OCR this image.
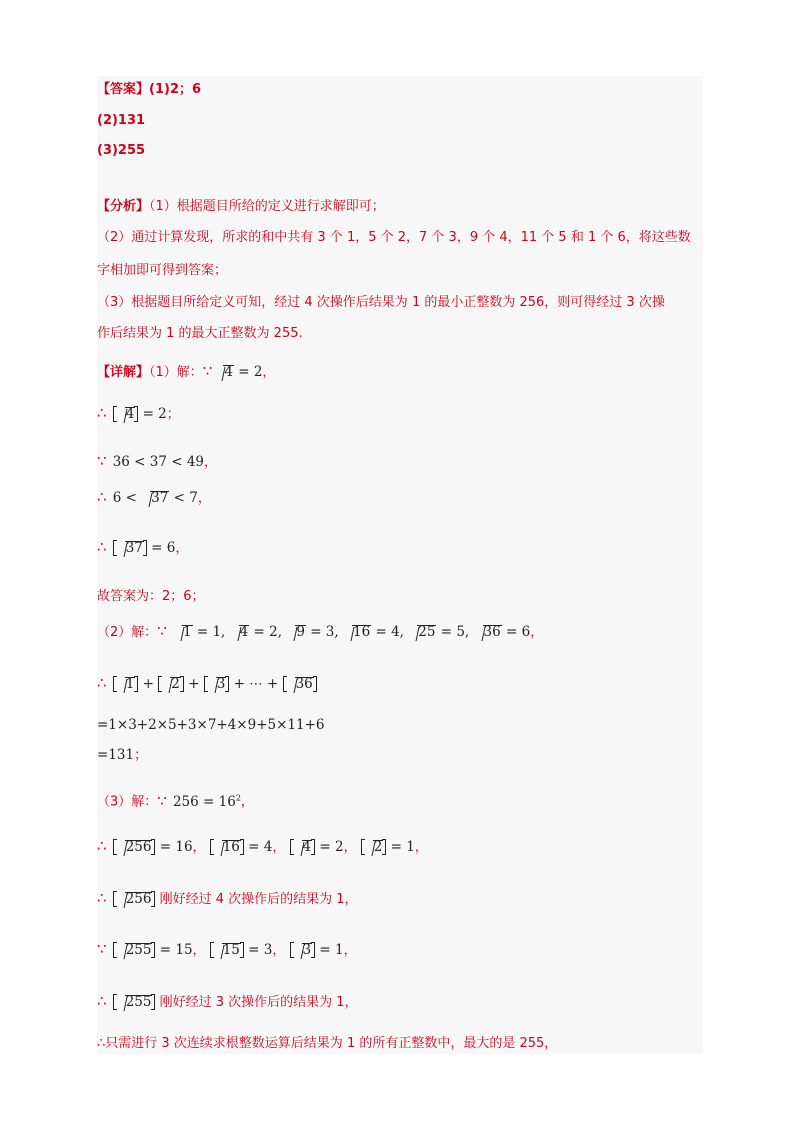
【答案】(1)2；6
(2)131
(3)255
【分析】（1）根据题目所给的定义进行求解即可；
（2）通过计算发现，所求的和中共有 3 个 1，5 个 2，7 个 3，9 个 4，11 个 5 和 1 个 6，将这些数
字相加即可得到答案；
（3）根据题目所给定义可知，经过 4 次操作后结果为 1 的最小正整数为 256，则可得经过 3 次操
作后结果为 1 的最大正整数为 255.
【详解】（1）解：∵ 4 = 2，
∴ 4 = 2；
∵ 36 < 37 < 49，
∴ 6 < 37 < 7，
∴ 37 = 6，
故答案为：2；6；
（2）解：∵ 1 = 1, 4 = 2, 9 = 3, 16 = 4, 25 = 5, 36 = 6，
∴ 1 + 2 + 3 + ⋯ + 36
=1×3+2×5+3×7+4×9+5×11+6
=131；
（3）解：∵ $256 = 16^2$，
∴ 256 = 16， 16 = 4， 4 = 2， 2 = 1，
∴ 256 刚好经过 4 次操作后的结果为 1，
∵ 255 = 15， 15 = 3， 3 = 1，
∴ 255 刚好经过 3 次操作后的结果为 1，
∴只需进行 3 次连续求根整数运算后结果为 1 的所有正整数中，最大的是 255，
